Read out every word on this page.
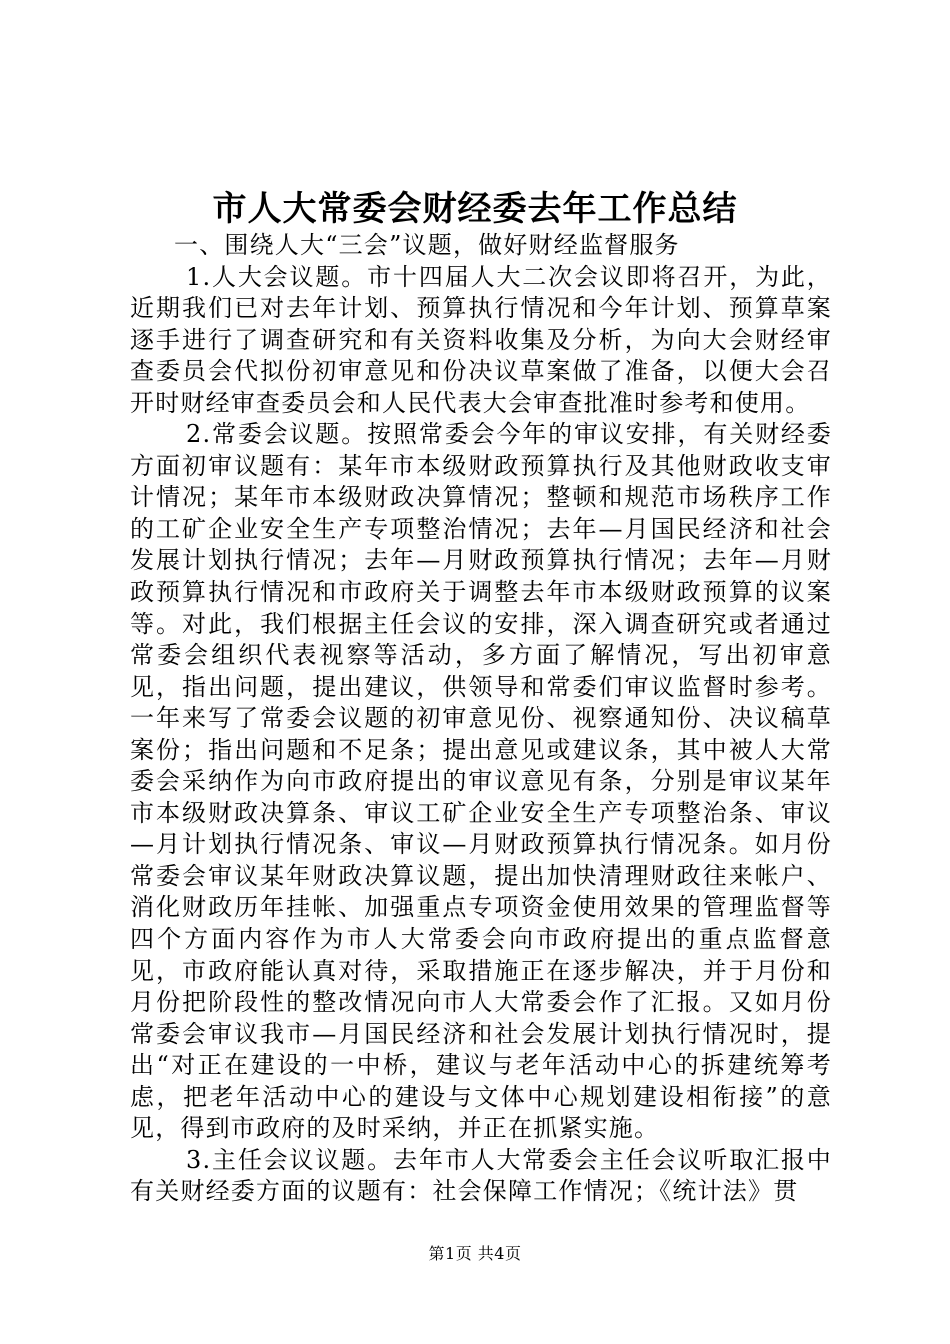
市人大常委会财经委去年工作总结

一、围绕人大“三会”议题，做好财经监督服务

1.人大会议题。市十四届人大二次会议即将召开，为此，近期我们已对去年计划、预算执行情况和今年计划、预算草案逐手进行了调查研究和有关资料收集及分析，为向大会财经审查委员会代拟份初审意见和份决议草案做了准备，以便大会召开时财经审查委员会和人民代表大会审查批准时参考和使用。

2.常委会议题。按照常委会今年的审议安排，有关财经委方面初审议题有：某年市本级财政预算执行及其他财政收支审计情况；某年市本级财政决算情况；整顿和规范市场秩序工作的工矿企业安全生产专项整治情况；去年—月国民经济和社会发展计划执行情况；去年—月财政预算执行情况；去年—月财政预算执行情况和市政府关于调整去年市本级财政预算的议案等。对此，我们根据主任会议的安排，深入调查研究或者通过常委会组织代表视察等活动，多方面了解情况，写出初审意见，指出问题，提出建议，供领导和常委们审议监督时参考。一年来写了常委会议题的初审意见份、视察通知份、决议稿草案份；指出问题和不足条；提出意见或建议条，其中被人大常委会采纳作为向市政府提出的审议意见有条，分别是审议某年市本级财政决算条、审议工矿企业安全生产专项整治条、审议—月计划执行情况条、审议—月财政预算执行情况条。如月份常委会审议某年财政决算议题，提出加快清理财政往来帐户、消化财政历年挂帐、加强重点专项资金使用效果的管理监督等四个方面内容作为市人大常委会向市政府提出的重点监督意见，市政府能认真对待，采取措施正在逐步解决，并于月份和月份把阶段性的整改情况向市人大常委会作了汇报。又如月份常委会审议我市—月国民经济和社会发展计划执行情况时，提出“对正在建设的一中桥，建议与老年活动中心的拆建统筹考虑，把老年活动中心的建设与文体中心规划建设相衔接”的意见，得到市政府的及时采纳，并正在抓紧实施。

3.主任会议议题。去年市人大常委会主任会议听取汇报中有关财经委方面的议题有：社会保障工作情况；《统计法》贯

第1页 共4页
